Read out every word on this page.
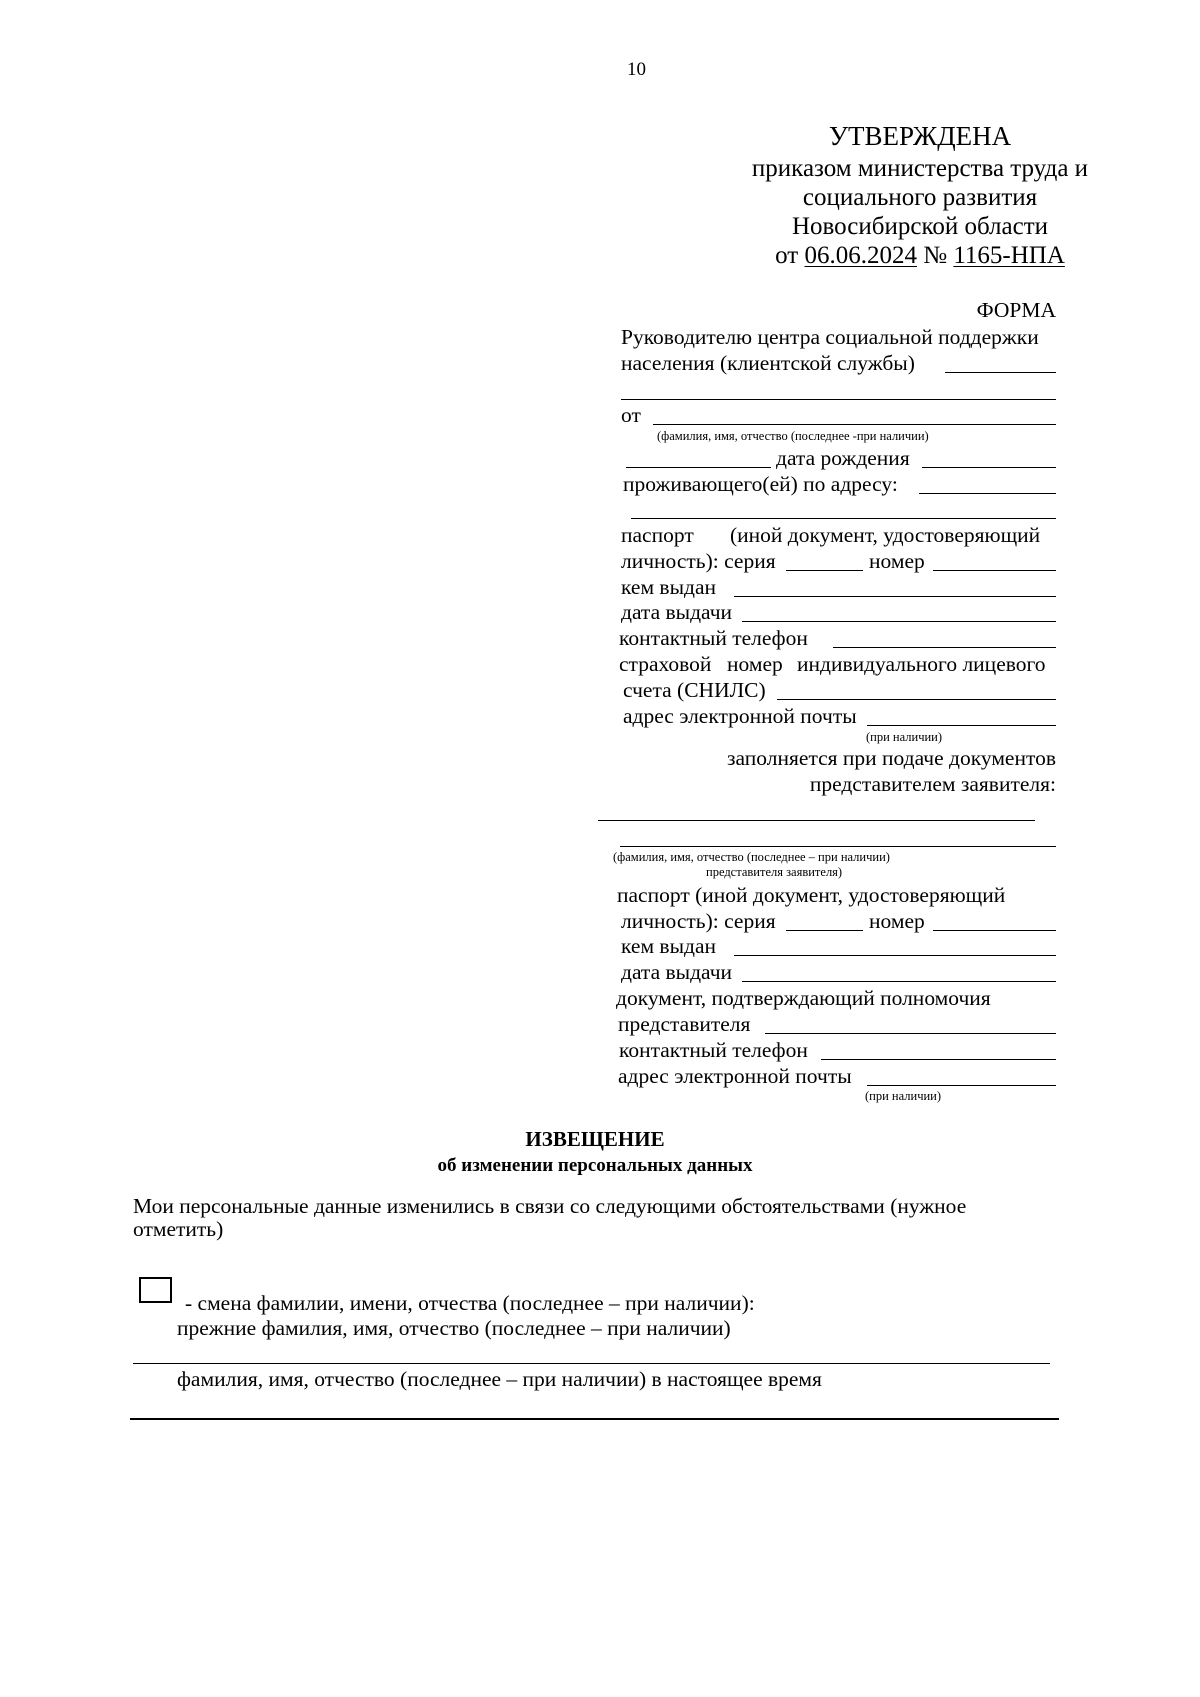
10
УТВЕРЖДЕНА
приказом министерства труда и
социального развития
Новосибирской области
от 06.06.2024 № 1165-НПА
ФОРМА
Руководителю центра социальной поддержки
населения (клиентской службы)
от
(фамилия, имя, отчество (последнее -при наличии)
дата рождения
проживающего(ей) по адресу:
паспорт (иной документ, удостоверяющий
личность): серия	номер
кем выдан
дата выдачи
контактный телефон
страховой номер индивидуального лицевого
счета (СНИЛС)
адрес электронной почты
(при наличии)
заполняется при подаче документов
представителем заявителя:
(фамилия, имя, отчество (последнее – при наличии)
представителя заявителя)
паспорт (иной документ, удостоверяющий
личность): серия	номер
кем выдан
дата выдачи
документ, подтверждающий полномочия
представителя
контактный телефон
адрес электронной почты
(при наличии)
ИЗВЕЩЕНИЕ
об изменении персональных данных
Мои персональные данные изменились в связи со следующими обстоятельствами (нужное
отметить)
- смена фамилии, имени, отчества (последнее – при наличии):
прежние фамилия, имя, отчество (последнее – при наличии)
фамилия, имя, отчество (последнее – при наличии) в настоящее время
